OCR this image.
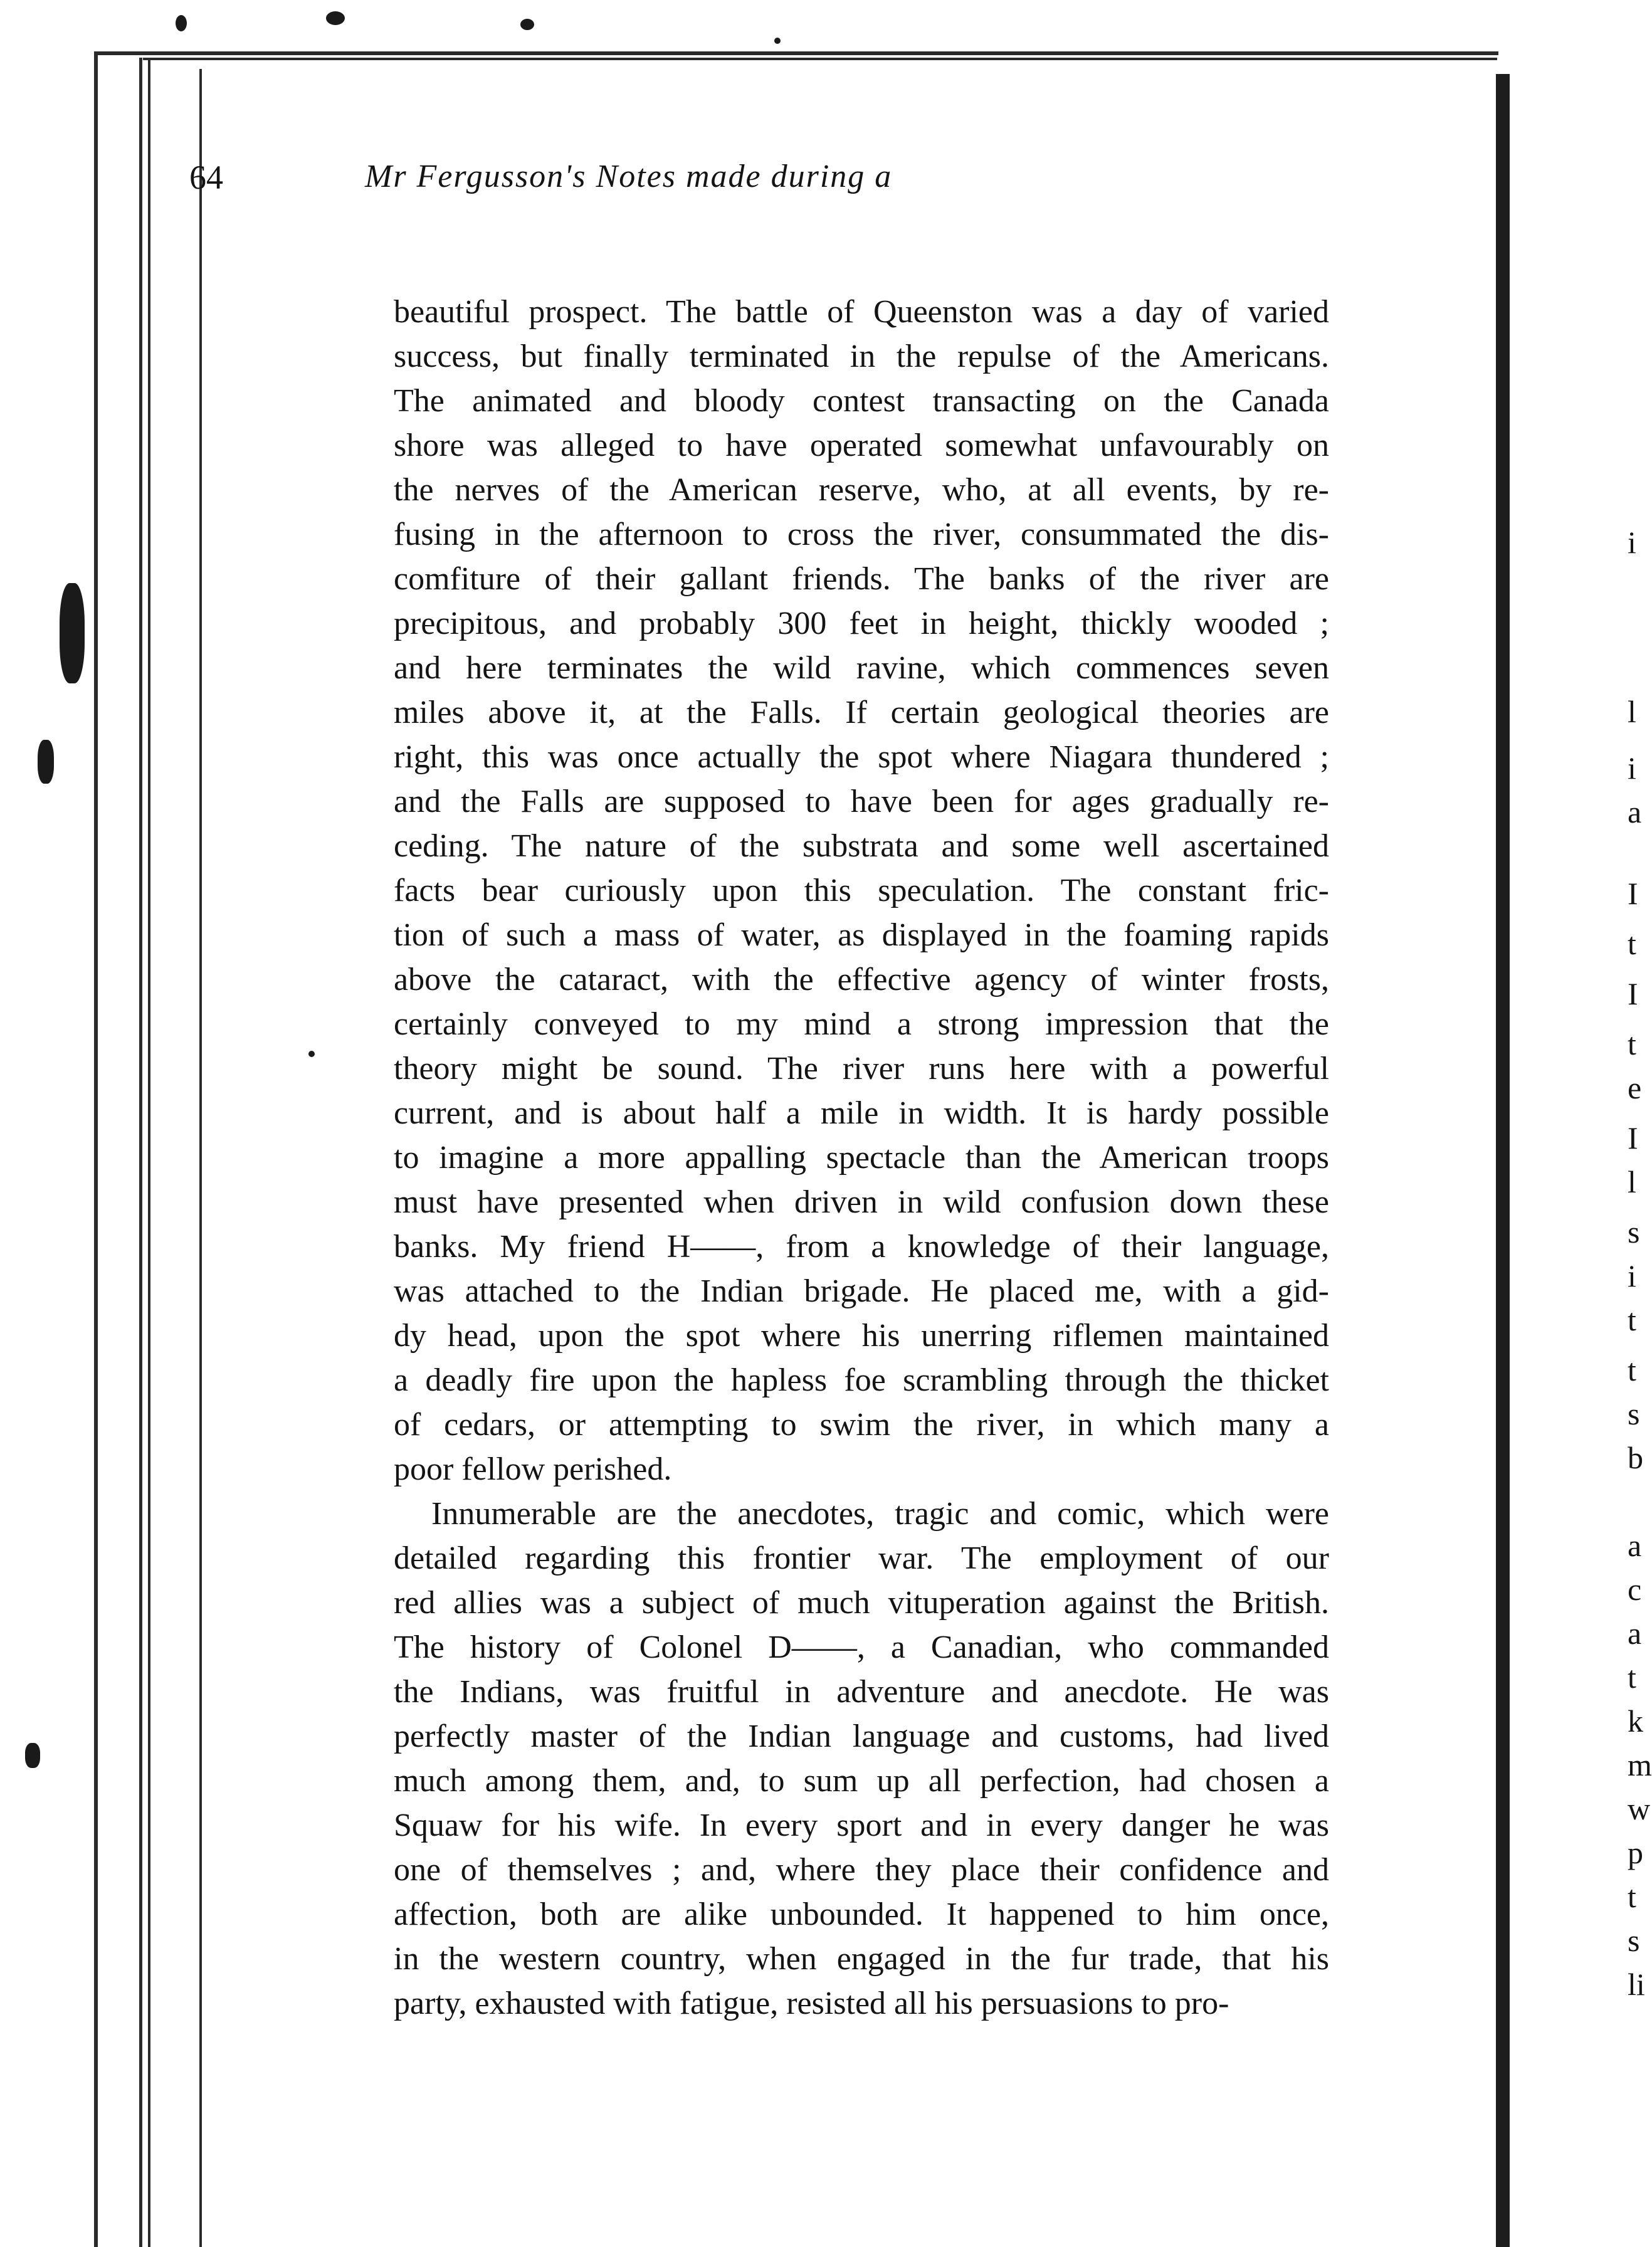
64	Mr Fergusson's Notes made during a
beautiful prospect. The battle of Queenston was a day of varied
success, but finally terminated in the repulse of the Americans.
The animated and bloody contest transacting on the Canada
shore was alleged to have operated somewhat unfavourably on
the nerves of the American reserve, who, at all events, by re-
fusing in the afternoon to cross the river, consummated the dis-
comfiture of their gallant friends. The banks of the river are
precipitous, and probably 300 feet in height, thickly wooded ;
and here terminates the wild ravine, which commences seven
miles above it, at the Falls. If certain geological theories are
right, this was once actually the spot where Niagara thundered ;
and the Falls are supposed to have been for ages gradually re-
ceding. The nature of the substrata and some well ascertained
facts bear curiously upon this speculation. The constant fric-
tion of such a mass of water, as displayed in the foaming rapids
above the cataract, with the effective agency of winter frosts,
certainly conveyed to my mind a strong impression that the
theory might be sound. The river runs here with a powerful
current, and is about half a mile in width. It is hardy possible
to imagine a more appalling spectacle than the American troops
must have presented when driven in wild confusion down these
banks. My friend H——, from a knowledge of their language,
was attached to the Indian brigade. He placed me, with a gid-
dy head, upon the spot where his unerring riflemen maintained
a deadly fire upon the hapless foe scrambling through the thicket
of cedars, or attempting to swim the river, in which many a
poor fellow perished.
Innumerable are the anecdotes, tragic and comic, which were
detailed regarding this frontier war. The employment of our
red allies was a subject of much vituperation against the British.
The history of Colonel D——, a Canadian, who commanded
the Indians, was fruitful in adventure and anecdote. He was
perfectly master of the Indian language and customs, had lived
much among them, and, to sum up all perfection, had chosen a
Squaw for his wife. In every sport and in every danger he was
one of themselves ; and, where they place their confidence and
affection, both are alike unbounded. It happened to him once,
in the western country, when engaged in the fur trade, that his
party, exhausted with fatigue, resisted all his persuasions to pro-
i
l
i
a
I
t
I
t
e
I
l
s
i
t
t
s
b
a
c
a
t
k
m
w
p
t
s
li
